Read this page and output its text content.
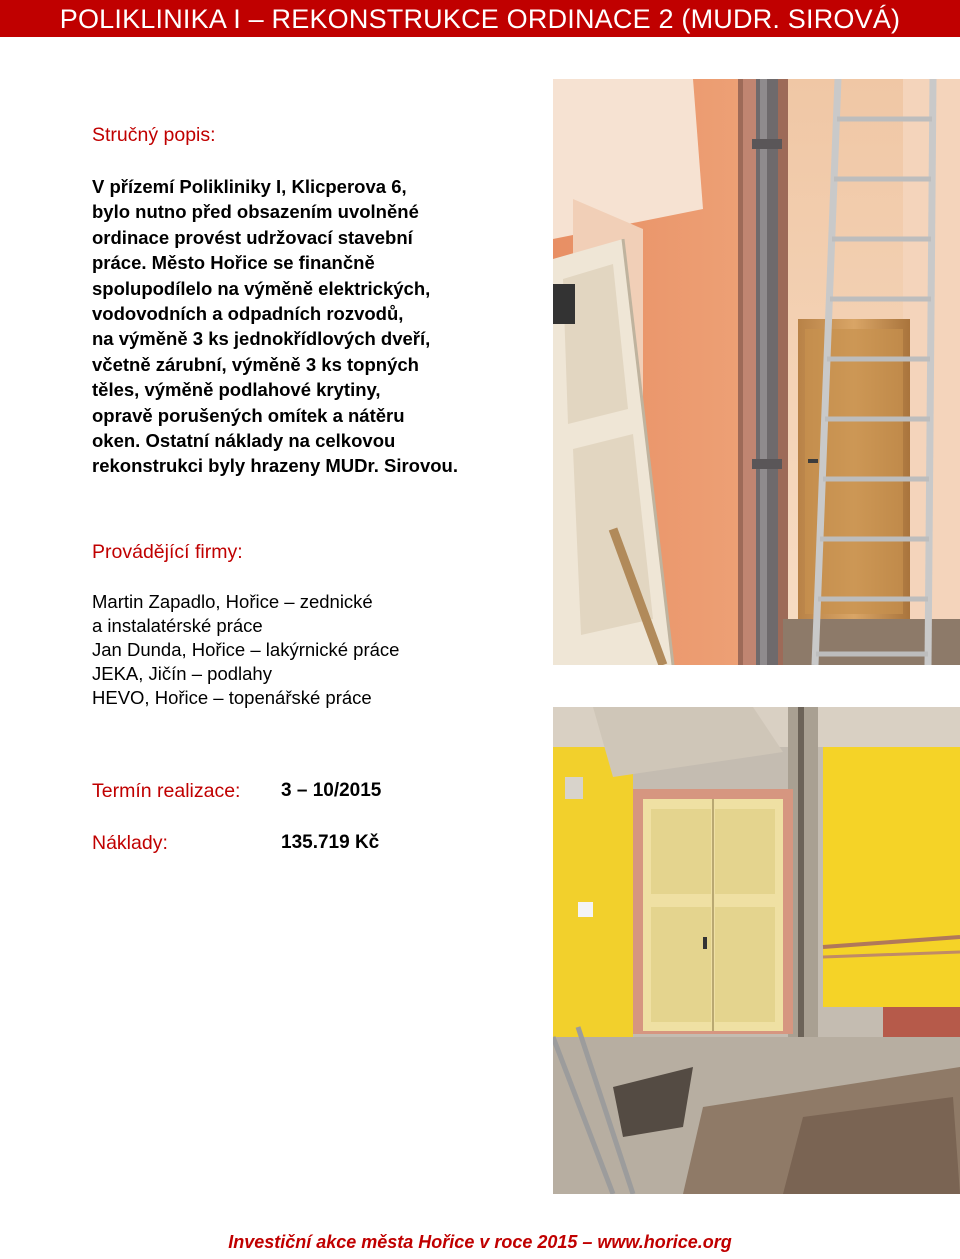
POLIKLINIKA I – REKONSTRUKCE ORDINACE 2 (MUDR. SIROVÁ)
Stručný popis:
V přízemí Polikliniky I, Klicperova 6,
bylo nutno před obsazením uvolněné
ordinace provést udržovací stavební
práce. Město Hořice se finančně
spolupodílelo na výměně elektrických,
vodovodních a odpadních rozvodů,
na výměně 3 ks jednokřídlových dveří,
včetně zárubní, výměně 3 ks topných
těles, výměně podlahové krytiny,
opravě porušených omítek a nátěru
oken. Ostatní náklady na celkovou
rekonstrukci byly hrazeny MUDr. Sirovou.
Provádějící firmy:
Martin Zapadlo, Hořice – zednické
a instalatérské práce
Jan Dunda, Hořice – lakýrnické práce
JEKA, Jičín – podlahy
HEVO, Hořice – topenářské práce
Termín realizace: 3 – 10/2015
Náklady:	135.719 Kč
Investiční akce města Hořice v roce 2015 – www.horice.org
